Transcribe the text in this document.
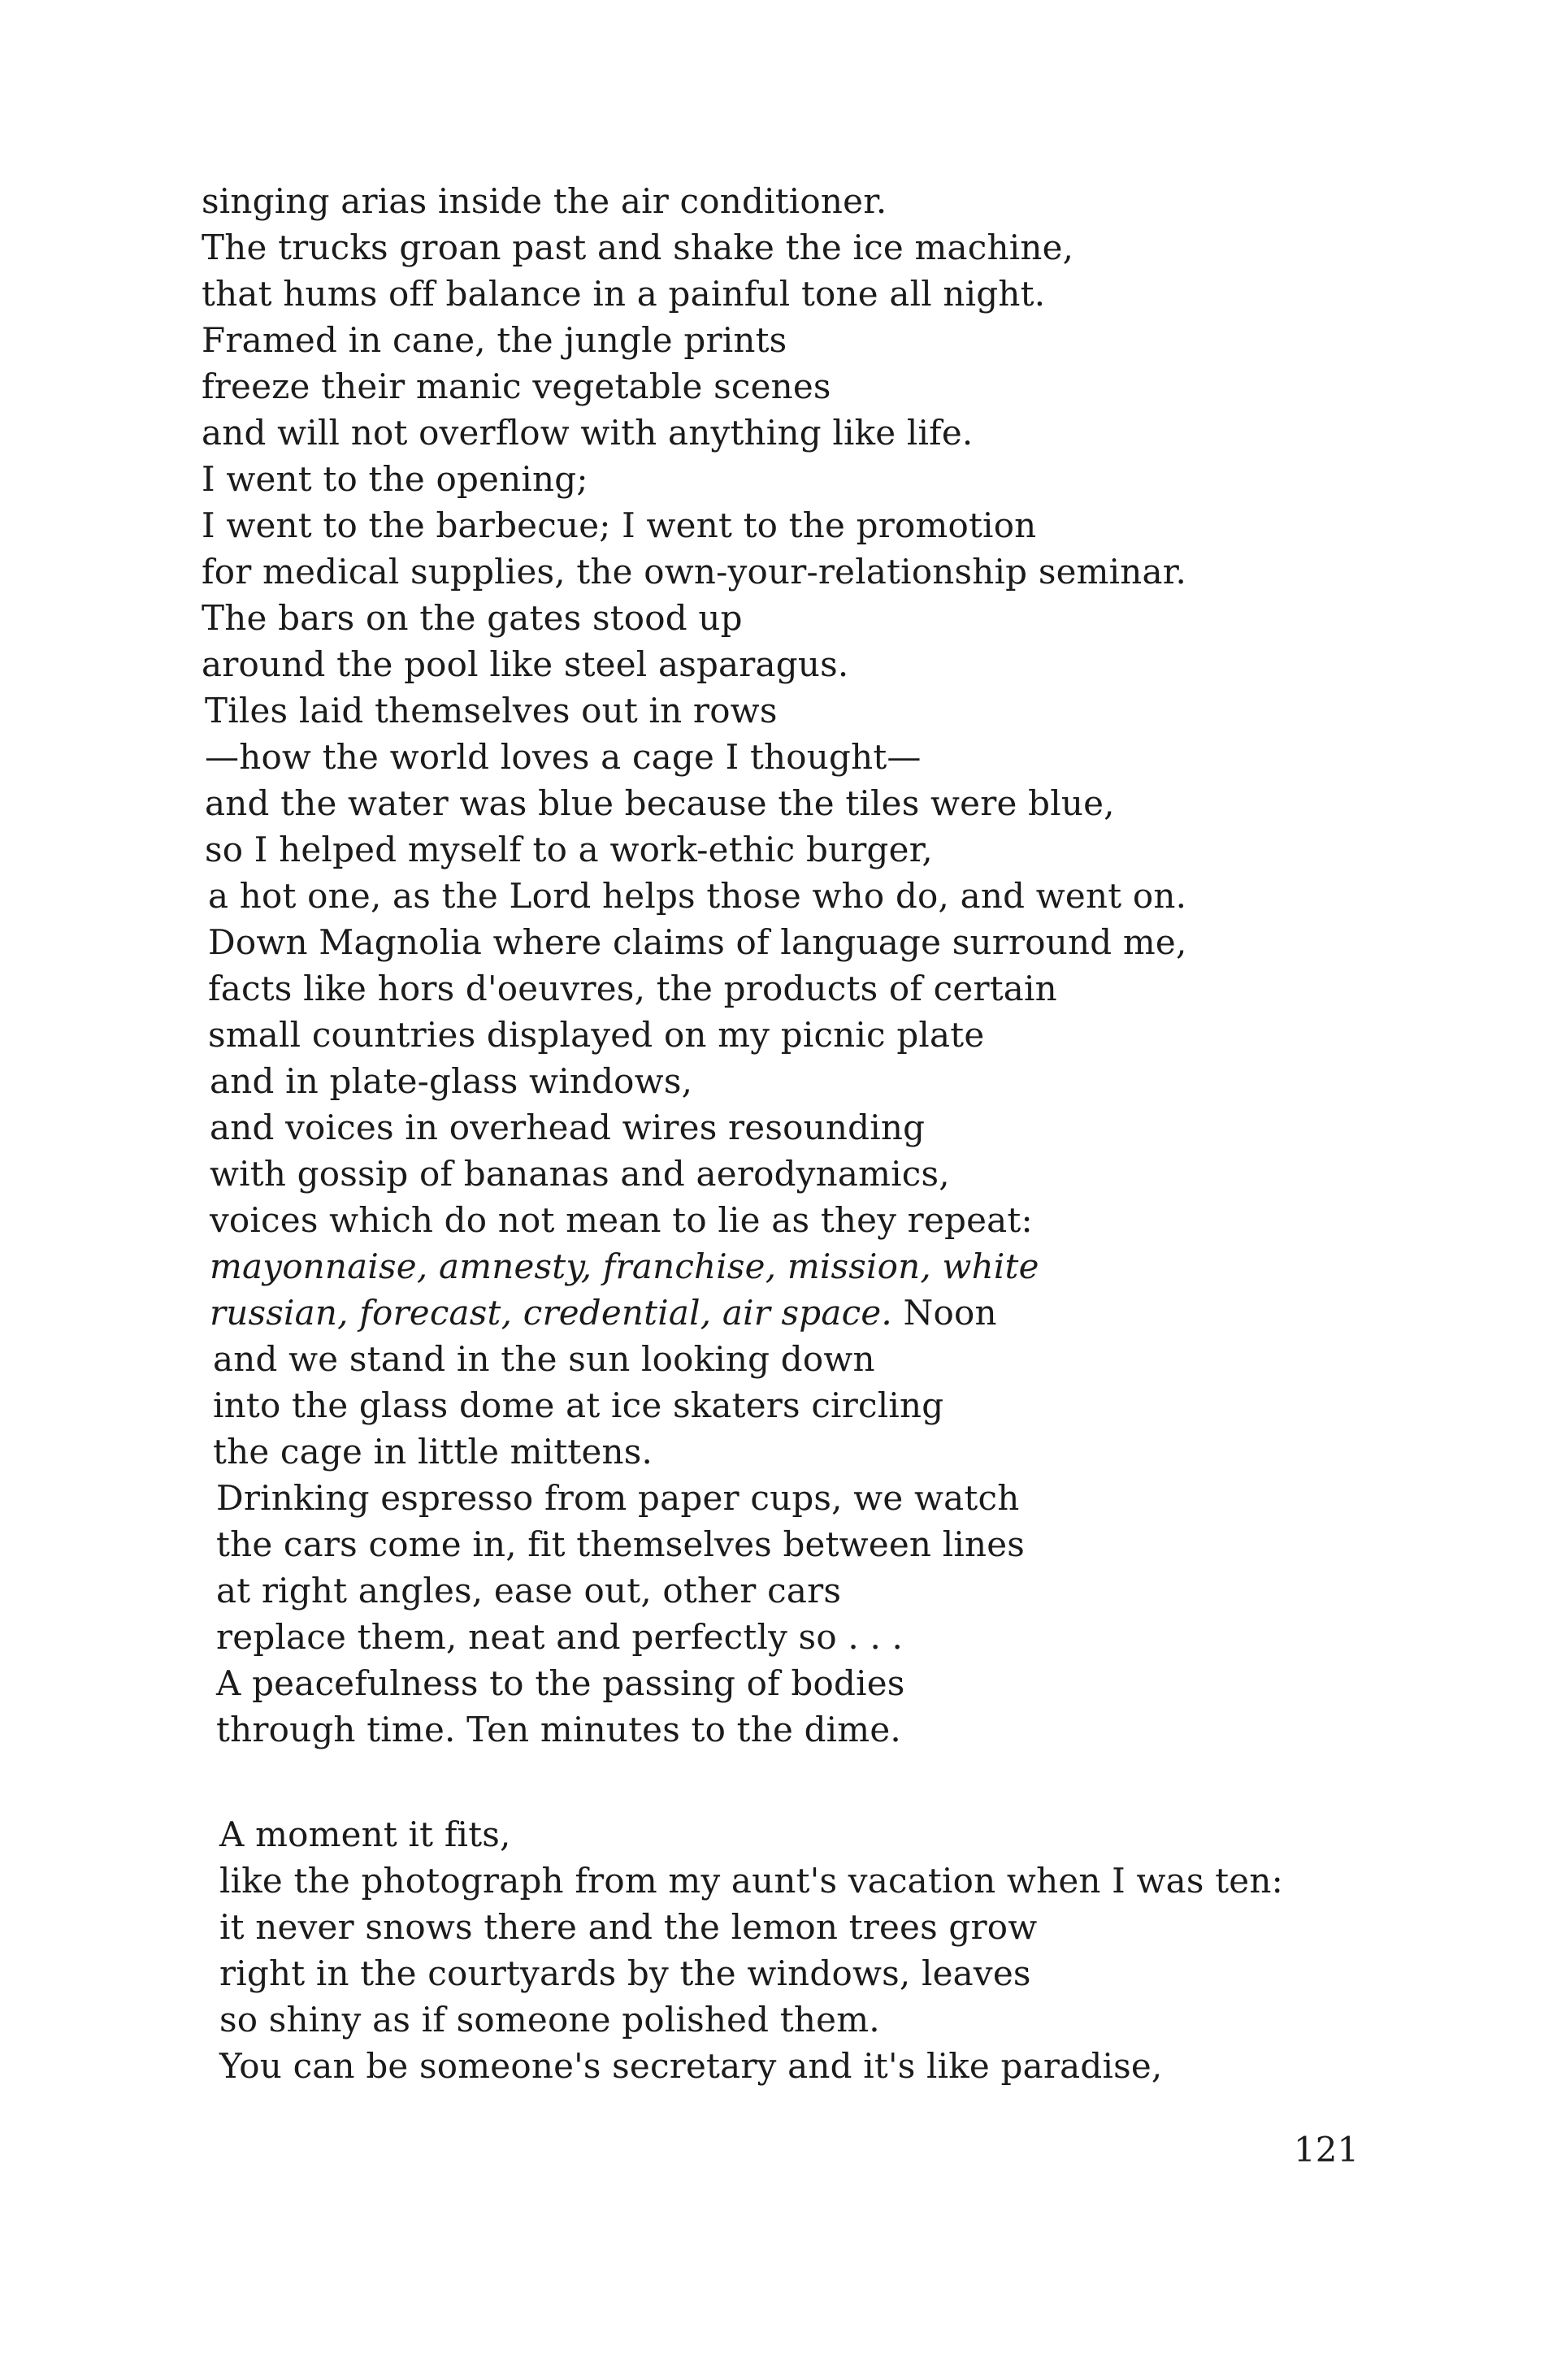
singing arias inside the air conditioner.
The trucks groan past and shake the ice machine,
that hums off balance in a painful tone all night.
Framed in cane, the jungle prints
freeze their manic vegetable scenes
and will not overflow with anything like life.
I went to the opening;
I went to the barbecue; I went to the promotion
for medical supplies, the own-your-relationship seminar.
The bars on the gates stood up
around the pool like steel asparagus.
Tiles laid themselves out in rows
—how the world loves a cage I thought—
and the water was blue because the tiles were blue,
so I helped myself to a work-ethic burger,
a hot one, as the Lord helps those who do, and went on.
Down Magnolia where claims of language surround me,
facts like hors d'oeuvres, the products of certain
small countries displayed on my picnic plate
and in plate-glass windows,
and voices in overhead wires resounding
with gossip of bananas and aerodynamics,
voices which do not mean to lie as they repeat:
mayonnaise, amnesty, franchise, mission, white
russian, forecast, credential, air space. Noon
and we stand in the sun looking down
into the glass dome at ice skaters circling
the cage in little mittens.
Drinking espresso from paper cups, we watch
the cars come in, fit themselves between lines
at right angles, ease out, other cars
replace them, neat and perfectly so . . .
A peacefulness to the passing of bodies
through time. Ten minutes to the dime.
A moment it fits,
like the photograph from my aunt's vacation when I was ten:
it never snows there and the lemon trees grow
right in the courtyards by the windows, leaves
so shiny as if someone polished them.
You can be someone's secretary and it's like paradise,
121
